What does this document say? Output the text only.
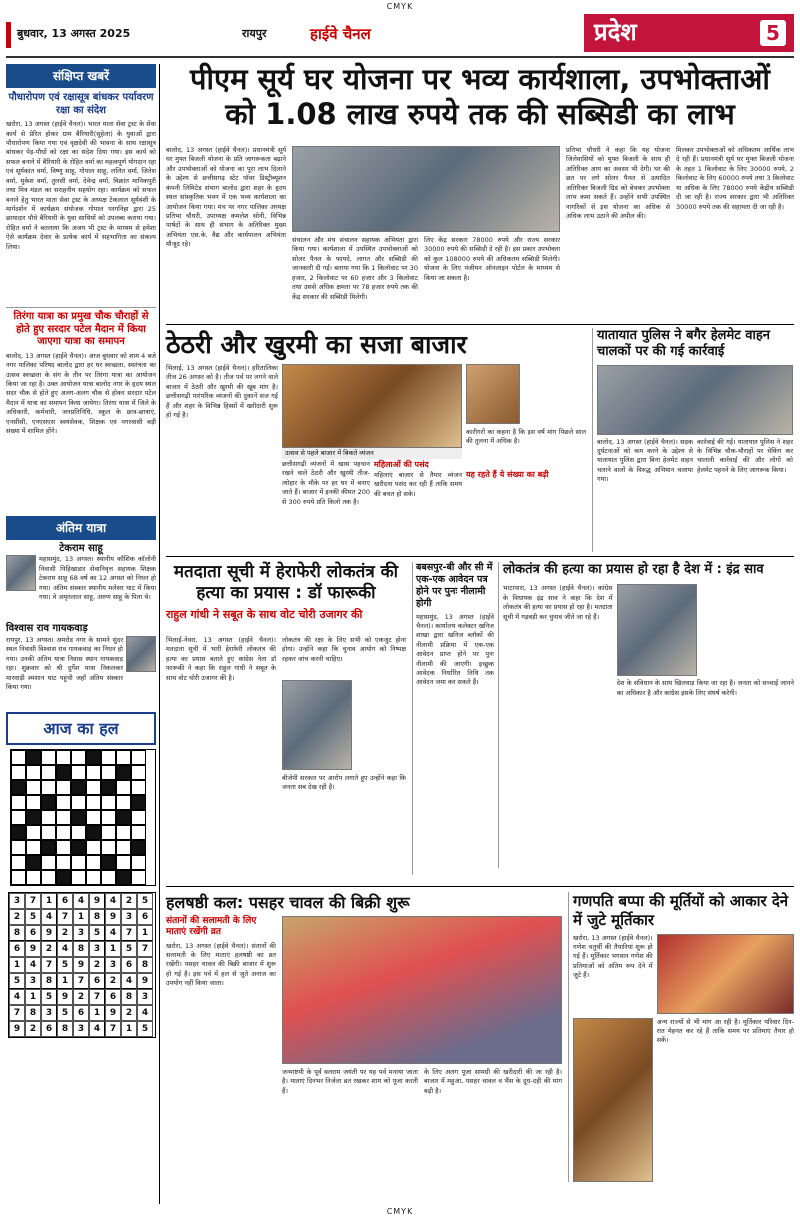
CMYK
बुधवार, 13 अगस्त 2025	रायपुर	हाईवे चैनल	प्रदेश	5
संक्षिप्त खबरें
पौधारोपण एवं रक्षासूत्र बांधकर पर्यावरण रक्षा का संदेश
खरोरा, 13 अगस्त (हाईवे चैनल)। भारत माता सेवा ट्रस्ट के सेवा कार्य से प्रेरित होकर ग्राम बैरियारी(सुहेला) के युवाओं द्वारा पौधारोपण किया गया एवं वृक्षदेवी की भावना के साथ रक्षासूत्र बांधकर पेड़-पौधों को रक्षा का संदेश दिया गया। इस कार्य को सफल बनाने में बैरियारी के रोहित वर्मा का महत्वपूर्ण योगदान रहा एवं सूर्यकांत वर्मा, विष्णु साहू, गोपाल साहू, ललित वर्मा, जितेश वर्मा, मुकेश वर्मा, तुलसी वर्मा, देवेन्द्र वर्मा, विक्रांत मानिकपुरी तथा मित्र मंडल का सराहनीय सहयोग रहा। कार्यक्रम को सफल बनाने हेतु भारत माता सेवा ट्रस्ट के अध्यक्ष टेकलाल सूर्यवंशी के मार्गदर्शन में कार्यक्रम संयोजक गोपाल परगनिहा द्वारा 25 छायादार पौधे बैरियारी के युवा साथियों को उपलब्ध कराया गया। रोहित वर्मा ने बतलाया कि अजय भी ट्रस्ट के माध्यम से हमेशा ऐसे कार्यक्रम देवार के प्रत्येक कार्य में सहभागिता का संकल्प लिया।
तिरंगा यात्रा का प्रमुख चौक चौराहों से होते हुए सरदार पटेल मैदान में किया जाएगा यात्रा का समापन
बालोद, 13 अगस्त (हाईवे चैनल)। आज बुधवार को शाम 4 बजे नगर पालिका परिषद बालोद द्वारा हर घर स्वच्छता, स्वतंत्रता का उत्सव स्वच्छता के संग के तीन पर तिरंगा यात्रा का आयोजन किया जा रहा है। उक्त आयोजन यात्रा बालोद नगर के हृदय स्थल सदर चौक से होते हुए अलग-अलग चौक से होकर सरदार पटेल मैदान में यात्रा का समापन किया जायेगा। तिरंगा यात्रा में जिले के अधिकारी, कर्मचारी, जनप्रतिनिधि, स्कूल के छात्र-छात्राएं, एनसीसी, एनएसएस स्वयंसेवक, शिक्षक एवं नगरवासी बड़ी संख्या में शामिल होंगे।
अंतिम यात्रा
टेकराम साहू
महासमुंद, 13 अगस्त। स्थानीय कौशिक कॉलोनी निवासी पिहिखाडार सेवानिवृत्त सहायक शिक्षक टेकराम साहू 68 वर्ष का 12 अगस्त को निधन हो गया। अंतिम संस्कार स्थानीय मलेसर घाट में किया गया। वे अमृतलाल साहू, अरुण साहू के पिता थे।
विश्वास राव गायकवाड़
रायपुर, 13 अगस्त। अमरोड नगर के सामने सुंदर स्थल निवासी विश्वास राव गायकवाड़ का निधन हो गया। उनकी अंतिम यात्रा निवास स्थान गायकवाड़ रहा। शुक्रवार को श्री दुर्गेश यात्रा निकलकर मारवाड़ी श्मशान घाट पहुंची जहाँ अंतिम संस्कार किया गया।
आज का हल
3	7	1	6	4	9	4	2	5
2	5	4	7	1	8	9	3	6
8	6	9	2	3	5	4	7	1
6	9	2	4	8	3	1	5	7
1	4	7	5	9	2	3	6	8
5	3	8	1	7	6	2	4	9
4	1	5	9	2	7	6	8	3
7	8	3	5	6	1	9	2	4
9	2	6	8	3	4	7	1	5
पीएम सूर्य घर योजना पर भव्य कार्यशाला, उपभोक्ताओं
को 1.08 लाख रुपये तक की सब्सिडी का लाभ
बालोद, 13 अगस्त (हाईवे चैनल)। प्रधानमंत्री सूर्य घर मुफ्त बिजली योजना के प्रति जागरूकता बढ़ाने और उपभोक्ताओं को योजना का पूरा लाभ दिलाने के उद्देश्य से छत्तीसगढ़ स्टेट पॉवर डिस्ट्रीब्यूशन कंपनी लिमिटेड संभाग बालोद द्वारा शहर के हृदय स्थल सांस्कृतिक भवन में एक भव्य कार्यशाला का आयोजन किया गया। मंच पर नगर पालिका अध्यक्ष प्रतिभा चौधरी, उपाध्यक्ष कमलेश सोनी, विभिन्न पार्षदों के साथ ही संभाग के अतिरिक्त मुख्य अभियंता एस.के. वैद्य और कार्यपालन अभियंता मौजूद रहे।
संचालन और मंच संचालन सहायक अभियंता द्वारा किया गया। कार्यशाला में उपस्थित उपभोक्ताओं को सोलर पैनल के फायदे, लागत और सब्सिडी की जानकारी दी गई। बताया गया कि 1 किलोवाट पर 30 हजार, 2 किलोवाट पर 60 हजार और 3 किलोवाट तथा उससे अधिक क्षमता पर 78 हजार रुपये तक की केंद्र सरकार की सब्सिडी मिलेगी।
लिए केंद्र सरकार 78000 रुपये और राज्य सरकार 30000 रुपये की सब्सिडी दे रही है। इस प्रकार उपभोक्ता को कुल 108000 रुपये की अधिकतम सब्सिडी मिलेगी। योजना के लिए पंजीयन ऑनलाइन पोर्टल के माध्यम से किया जा सकता है।
प्रतिभा चौधरी ने कहा कि यह योजना जिलेवासियों को मुफ्त बिजली के साथ ही अतिरिक्त आय का अवसर भी देगी। घर की छत पर लगे सोलर पैनल से उत्पादित अतिरिक्त बिजली ग्रिड को बेचकर उपभोक्ता लाभ कमा सकते हैं। उन्होंने सभी उपस्थित नागरिकों से इस योजना का अधिक से अधिक लाभ उठाने की अपील की।
मिलकर उपभोक्ताओं को अधिकतम आर्थिक लाभ दे रही हैं। प्रधानमंत्री सूर्य घर मुफ्त बिजली योजना के तहत 1 किलोवाट के लिए 30000 रुपये, 2 किलोवाट के लिए 60000 रुपये तथा 3 किलोवाट या अधिक के लिए 78000 रुपये केंद्रीय सब्सिडी दी जा रही है। राज्य सरकार द्वारा भी अतिरिक्त 30000 रुपये तक की सहायता दी जा रही है।
ठेठरी और खुरमी का सजा बाजार
भिलाई, 13 अगस्त (हाईवे चैनल)। हरितालिका तीज 26 अगस्त को है। तीज पर्व पर लगने वाले बाजार में ठेठरी और खुरमी की खूब मांग है। छत्तीसगढ़ी पारंपरिक व्यंजनों की दुकानें सज गई हैं और शहर के विभिन्न हिस्सों में खरीदारी शुरू हो गई है।
उत्सव से पहले बाजार में बिकते व्यंजन
छत्तीसगढ़ी व्यंजनों में खास पहचान रखने वाले ठेठरी और खुरमी तीज-त्योहार के मौके पर हर घर में बनाए जाते हैं। बाजार में इनकी कीमत 200 से 300 रुपये प्रति किलो तक है।
महिलाओं की पसंद
महिलाएं बाजार से तैयार व्यंजन खरीदना पसंद कर रही हैं ताकि समय की बचत हो सके।
कारीगरों का कहना है कि इस वर्ष मांग पिछले साल की तुलना में अधिक है।
यह रहते हैं ये संख्या का बढ़ी
यातायात पुलिस ने बगैर हेलमेट वाहन चालकों पर की गई कार्रवाई
बालोद, 13 अगस्त (हाईवे चैनल)। सड़क दुर्घटनाओं को कम करने के उद्देश्य से यातायात पुलिस द्वारा बिना हेलमेट वाहन चलाने वालों के विरुद्ध अभियान चलाया गया।
कार्रवाई की गई। यातायात पुलिस ने शहर के विभिन्न चौक-चौराहों पर चेकिंग कर चालानी कार्रवाई की और लोगों को हेलमेट पहनने के लिए जागरूक किया।
मतदाता सूची में हेराफेरी लोकतंत्र की हत्या का प्रयास : डॉ फारूकी
राहुल गांधी ने सबूत के साथ वोट चोरी उजागर की
भिलाई-नेवरा, 13 अगस्त (हाईवे चैनल)। मतदाता सूची में भारी हेराफेरी लोकतंत्र की हत्या का प्रयास बताते हुए कांग्रेस नेता डॉ फारूकी ने कहा कि राहुल गांधी ने सबूत के साथ वोट चोरी उजागर की है।
लोकतंत्र की रक्षा के लिए सभी को एकजुट होना होगा। उन्होंने कहा कि चुनाव आयोग को निष्पक्ष रहकर जांच करनी चाहिए।
बीजेपी सरकार पर आरोप लगाते हुए उन्होंने कहा कि जनता सब देख रही है।
बबसपुर-बी और सी में एक-एक आवेदन पत्र होने पर पुनः नीलामी होगी
महासमुंद, 13 अगस्त (हाईवे चैनल)। कार्यालय कलेक्टर खनिज शाखा द्वारा खनिज ब्लॉकों की नीलामी प्रक्रिया में एक-एक आवेदन प्राप्त होने पर पुनः नीलामी की जाएगी। इच्छुक आवेदक निर्धारित तिथि तक आवेदन जमा कर सकते हैं।
लोकतंत्र की हत्या का प्रयास हो रहा है देश में : इंद्र साव
भाटापारा, 13 अगस्त (हाईवे चैनल)। कांग्रेस के विधायक इंद्र साव ने कहा कि देश में लोकतंत्र की हत्या का प्रयास हो रहा है। मतदाता सूची में गड़बड़ी कर चुनाव जीते जा रहे हैं।
देश के संविधान के साथ खिलवाड़ किया जा रहा है। जनता को सच्चाई जानने का अधिकार है और कांग्रेस इसके लिए संघर्ष करेगी।
हलषष्ठी कल: पसहर चावल की बिक्री शुरू
संतानों की सलामती के लिए माताएं रखेंगी व्रत
खरोरा, 13 अगस्त (हाईवे चैनल)। संतानों की सलामती के लिए माताएं हलषष्ठी का व्रत रखेंगी। पसहर चावल की बिक्री बाजार में शुरू हो गई है। इस पर्व में हल से जुते अनाज का उपयोग नहीं किया जाता।
जन्माष्टमी के पूर्व बलराम जयंती पर यह पर्व मनाया जाता है। माताएं दिनभर निर्जला व्रत रखकर शाम को पूजा करती हैं।
के लिए अलग पूजा सामग्री की खरीदारी की जा रही है। बाजार में महुआ, पसहर चावल व भैंस के दूध-दही की मांग बढ़ी है।
गणपति बप्पा की मूर्तियों को आकार देने में जुटे मूर्तिकार
खरोरा, 13 अगस्त (हाईवे चैनल)। गणेश चतुर्थी की तैयारियां शुरू हो गई हैं। मूर्तिकार भगवान गणेश की प्रतिमाओं को अंतिम रूप देने में जुटे हैं।
अन्य राज्यों से भी मांग आ रही है। मूर्तिकार परिवार दिन-रात मेहनत कर रहे हैं ताकि समय पर प्रतिमाएं तैयार हो सकें।
CMYK
